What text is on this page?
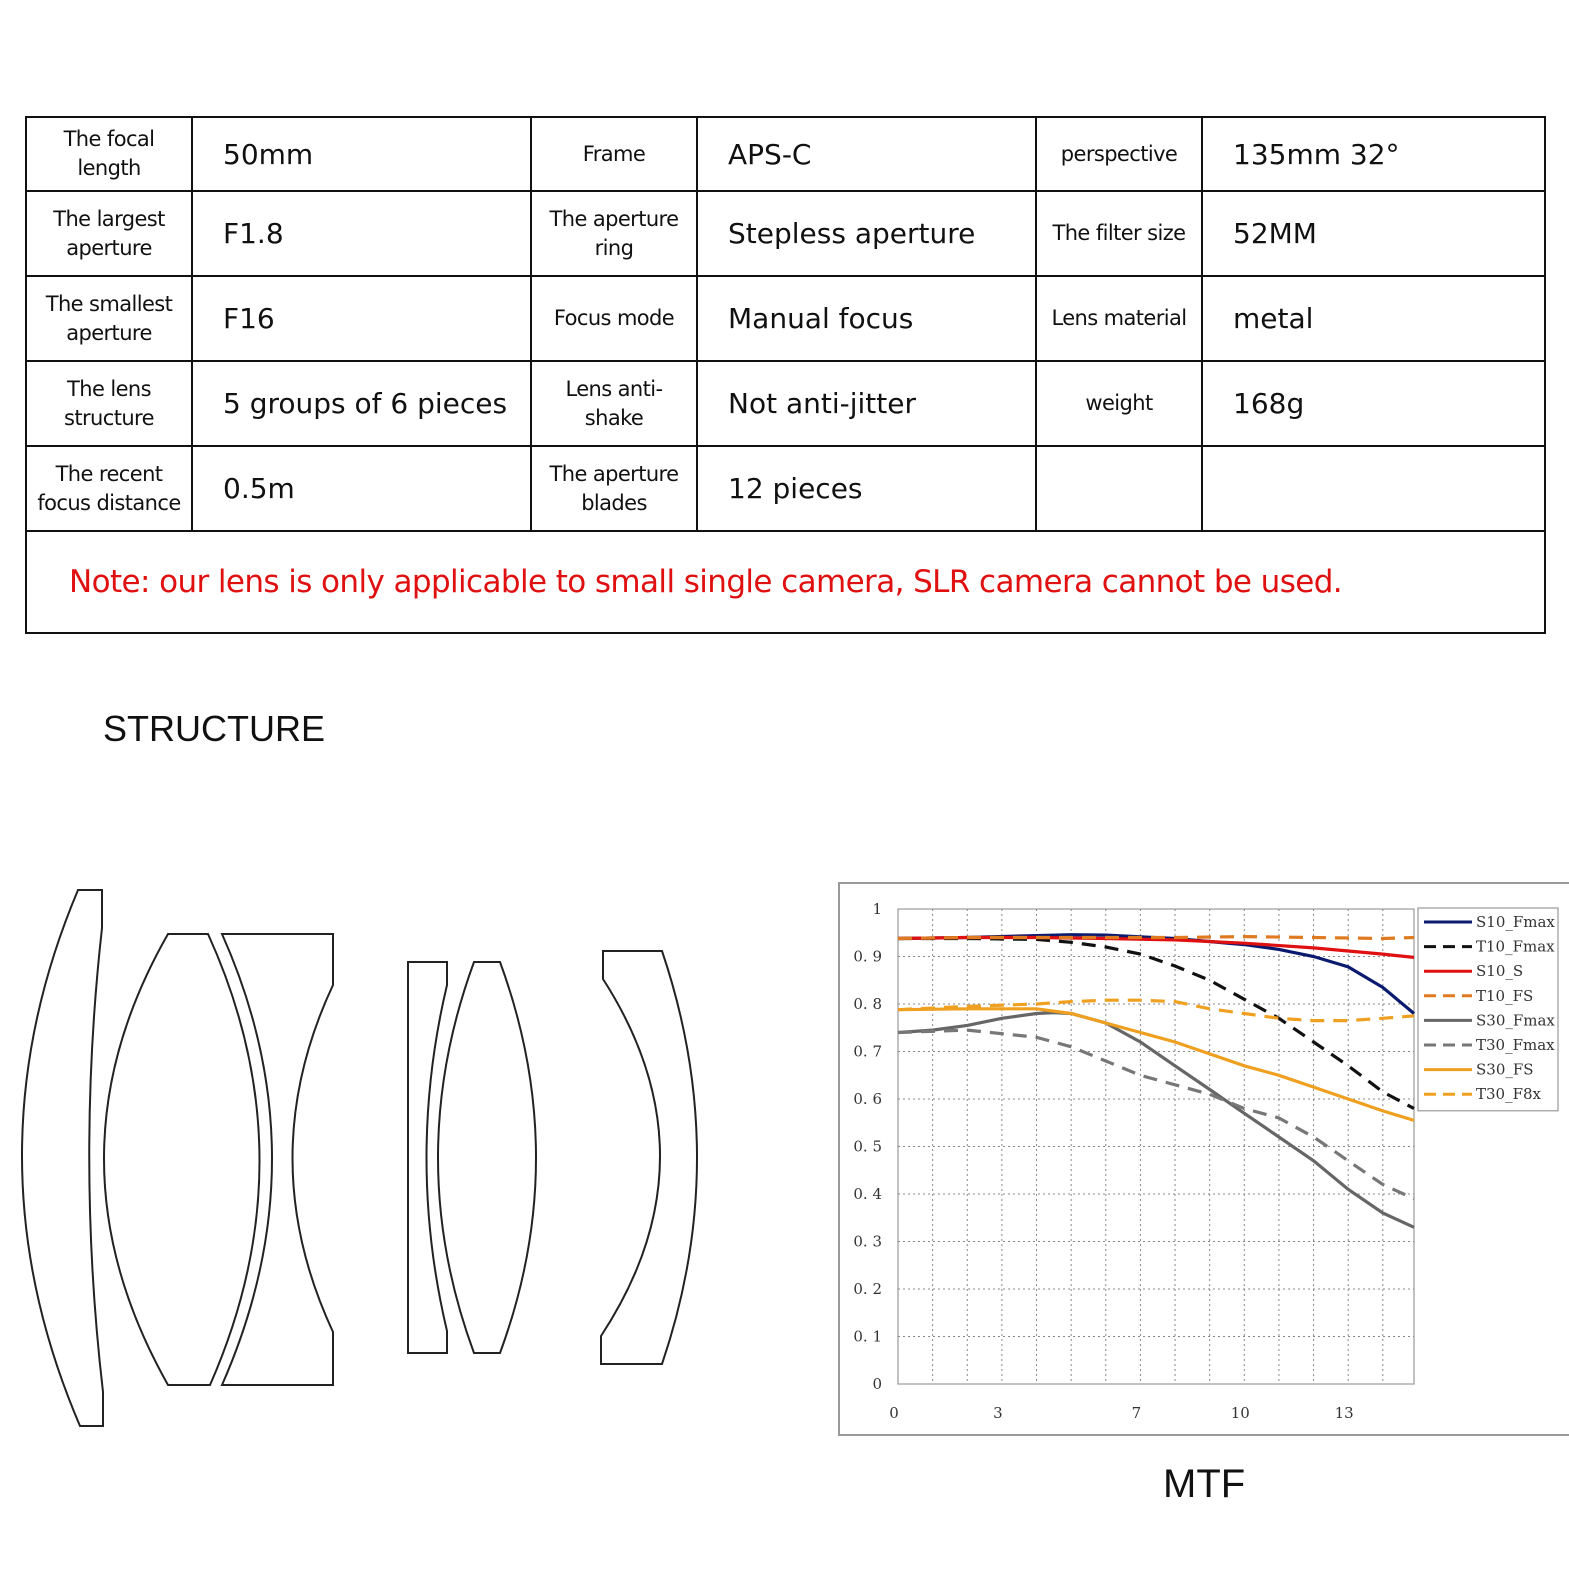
The focal length	50mm	Frame	APS-C	perspective	135mm 32°
The largest aperture	F1.8	The aperture ring	Stepless aperture	The filter size	52MM
The smallest aperture	F16	Focus mode	Manual focus	Lens material	metal
The lens structure	5 groups of 6 pieces	Lens anti-shake	Not anti-jitter	weight	168g
The recent focus distance	0.5m	The aperture blades	12 pieces		
Note: our lens is only applicable to small single camera, SLR camera cannot be used.					
STRUCTURE
1
0. 9
0. 8
0. 7
0. 6
0. 5
0. 4
0. 3
0. 2
0. 1
0
0	3	7	10	13
S10_Fmax
T10_Fmax
S10_S
T10_FS
S30_Fmax
T30_Fmax
S30_FS
T30_F8x
MTF
